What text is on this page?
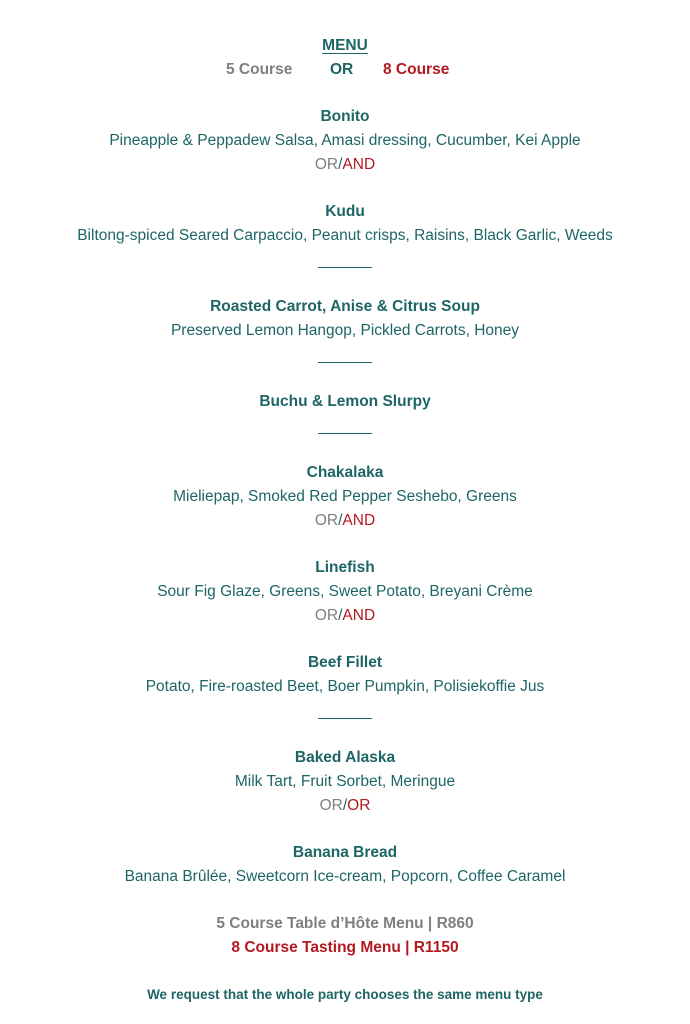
MENU
5 Course OR 8 Course
Bonito
Pineapple & Peppadew Salsa, Amasi dressing, Cucumber, Kei Apple
OR/AND
Kudu
Biltong-spiced Seared Carpaccio, Peanut crisps, Raisins, Black Garlic, Weeds
Roasted Carrot, Anise & Citrus Soup
Preserved Lemon Hangop, Pickled Carrots, Honey
Buchu & Lemon Slurpy
Chakalaka
Mieliepap, Smoked Red Pepper Seshebo, Greens
OR/AND
Linefish
Sour Fig Glaze, Greens, Sweet Potato, Breyani Crème
OR/AND
Beef Fillet
Potato, Fire-roasted Beet, Boer Pumpkin, Polisiekoffie Jus
Baked Alaska
Milk Tart, Fruit Sorbet, Meringue
OR/OR
Banana Bread
Banana Brûlée, Sweetcorn Ice-cream, Popcorn, Coffee Caramel
5 Course Table d’Hôte Menu | R860
8 Course Tasting Menu | R1150
We request that the whole party chooses the same menu type
